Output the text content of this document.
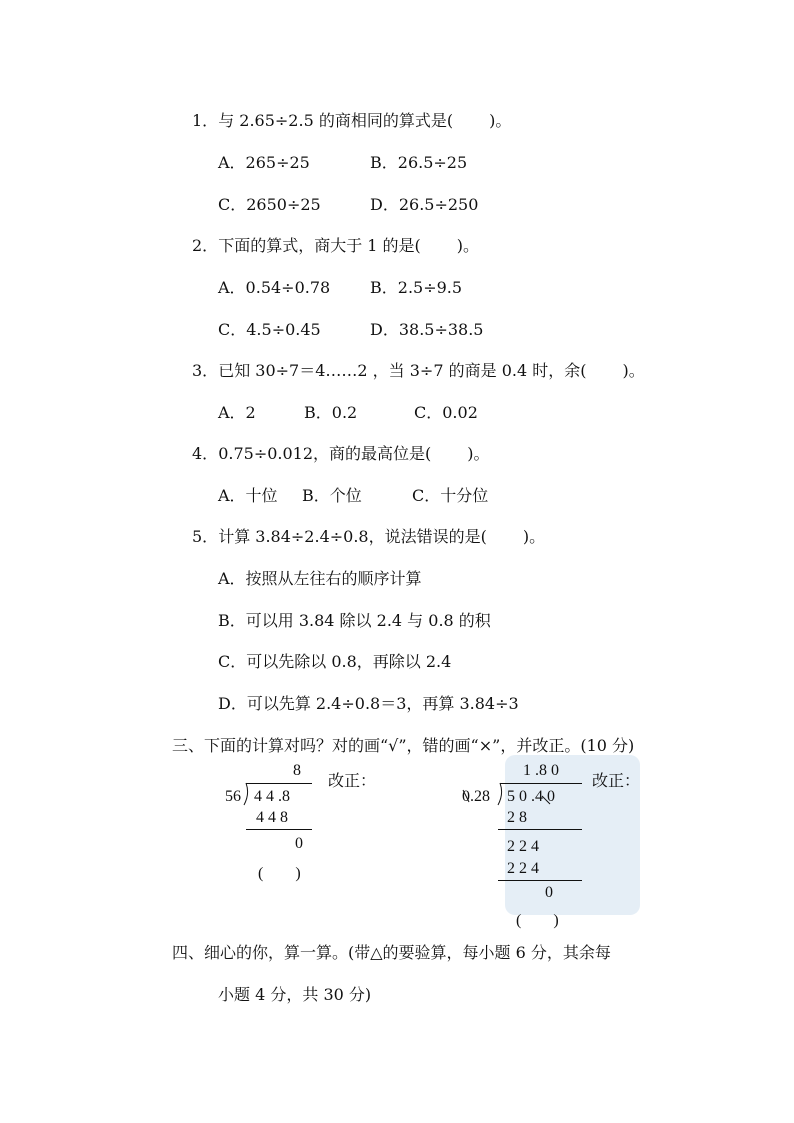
1．与 2.65÷2.5 的商相同的算式是( )。
A．265÷25	B．26.5÷25
C．2650÷25	D．26.5÷250
2．下面的算式，商大于 1 的是( )。
A．0.54÷0.78 B．2.5÷9.5
C．4.5÷0.45	D．38.5÷38.5
3．已知 30÷7＝4……2 ，当 3÷7 的商是 0.4 时，余( )。
A．2	B．0.2	C．0.02
4．0.75÷0.012，商的最高位是( )。
A．十位 B．个位	C．十分位
5．计算 3.84÷2.4÷0.8，说法错误的是( )。
A．按照从左往右的顺序计算
B．可以用 3.84 除以 2.4 与 0.8 的积
C．可以先除以 0.8，再除以 2.4
D．可以先算 2.4÷0.8＝3，再算 3.84÷3
三、下面的计算对吗？对的画“√”，错的画“×”，并改正。(10 分)
8
56 4 4 .8
4 4 8
0
(　　)
改正：
1 .8 0
0.28 5 0 .4 0
2 8
2 2 4
2 2 4
0
(　　)
改正：
四、细心的你，算一算。(带△的要验算，每小题 6 分，其余每
小题 4 分，共 30 分)
